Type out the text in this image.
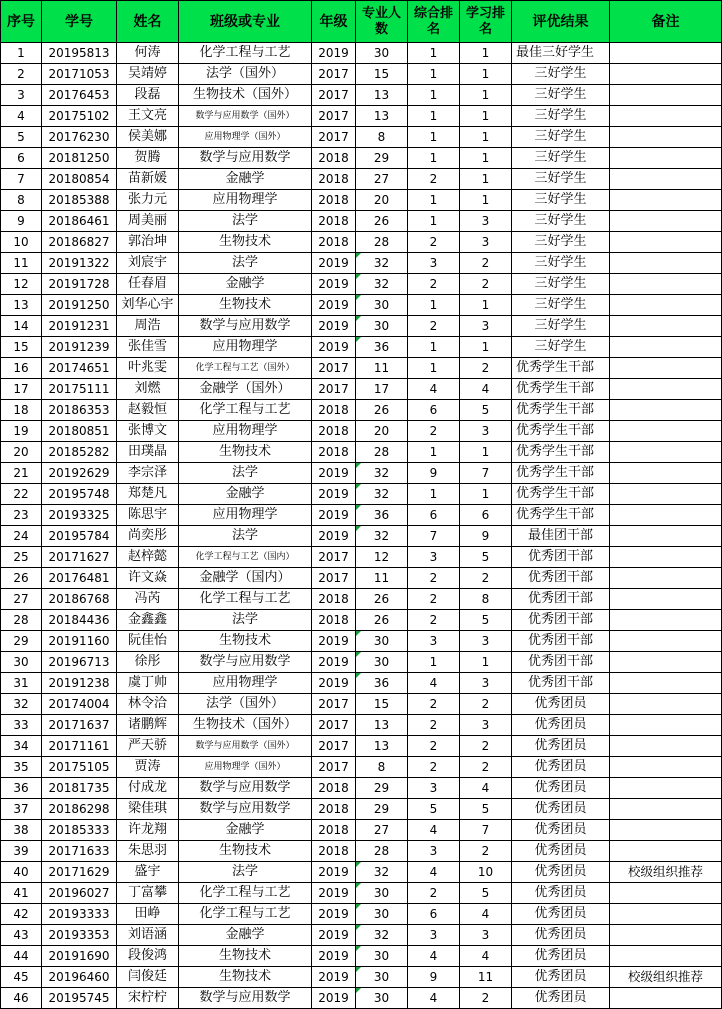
序号	学号	姓名	班级或专业	年级	专业人数	综合排名	学习排名	评优结果	备注
1	20195813	何涛	化学工程与工艺	2019	30	1	1	最佳三好学生	
2	20171053	吴靖婷	法学（国外）	2017	15	1	1	三好学生	
3	20176453	段磊	生物技术（国外）	2017	13	1	1	三好学生	
4	20175102	王文亮	数学与应用数学（国外）	2017	13	1	1	三好学生	
5	20176230	侯美娜	应用物理学（国外）	2017	8	1	1	三好学生	
6	20181250	贺腾	数学与应用数学	2018	29	1	1	三好学生	
7	20180854	苗新媛	金融学	2018	27	2	1	三好学生	
8	20185388	张力元	应用物理学	2018	20	1	1	三好学生	
9	20186461	周美丽	法学	2018	26	1	3	三好学生	
10	20186827	郭治坤	生物技术	2018	28	2	3	三好学生	
11	20191322	刘宸宇	法学	2019	32	3	2	三好学生	
12	20191728	任春眉	金融学	2019	32	2	2	三好学生	
13	20191250	刘华心宇	生物技术	2019	30	1	1	三好学生	
14	20191231	周浩	数学与应用数学	2019	30	2	3	三好学生	
15	20191239	张佳雪	应用物理学	2019	36	1	1	三好学生	
16	20174651	叶兆雯	化学工程与工艺（国外）	2017	11	1	2	优秀学生干部	
17	20175111	刘燃	金融学（国外）	2017	17	4	4	优秀学生干部	
18	20186353	赵毅恒	化学工程与工艺	2018	26	6	5	优秀学生干部	
19	20180851	张博文	应用物理学	2018	20	2	3	优秀学生干部	
20	20185282	田璞晶	生物技术	2018	28	1	1	优秀学生干部	
21	20192629	李宗泽	法学	2019	32	9	7	优秀学生干部	
22	20195748	郑楚凡	金融学	2019	32	1	1	优秀学生干部	
23	20193325	陈思宇	应用物理学	2019	36	6	6	优秀学生干部	
24	20195784	尚奕彤	法学	2019	32	7	9	最佳团干部	
25	20171627	赵梓懿	化学工程与工艺（国内）	2017	12	3	5	优秀团干部	
26	20176481	许文焱	金融学（国内）	2017	11	2	2	优秀团干部	
27	20186768	冯芮	化学工程与工艺	2018	26	2	8	优秀团干部	
28	20184436	金鑫鑫	法学	2018	26	2	5	优秀团干部	
29	20191160	阮佳怡	生物技术	2019	30	3	3	优秀团干部	
30	20196713	徐彤	数学与应用数学	2019	30	1	1	优秀团干部	
31	20191238	虞丁帅	应用物理学	2019	36	4	3	优秀团干部	
32	20174004	林令洽	法学（国外）	2017	15	2	2	优秀团员	
33	20171637	诸鹏辉	生物技术（国外）	2017	13	2	3	优秀团员	
34	20171161	严天骄	数学与应用数学（国外）	2017	13	2	2	优秀团员	
35	20175105	贾涛	应用物理学（国外）	2017	8	2	2	优秀团员	
36	20181735	付成龙	数学与应用数学	2018	29	3	4	优秀团员	
37	20186298	梁佳琪	数学与应用数学	2018	29	5	5	优秀团员	
38	20185333	许龙翔	金融学	2018	27	4	7	优秀团员	
39	20171633	朱思羽	生物技术	2018	28	3	2	优秀团员	
40	20171629	盛宇	法学	2019	32	4	10	优秀团员	校级组织推荐
41	20196027	丁富攀	化学工程与工艺	2019	30	2	5	优秀团员	
42	20193333	田峥	化学工程与工艺	2019	30	6	4	优秀团员	
43	20193353	刘语涵	金融学	2019	32	3	3	优秀团员	
44	20191690	段俊鸿	生物技术	2019	30	4	4	优秀团员	
45	20196460	闫俊廷	生物技术	2019	30	9	11	优秀团员	校级组织推荐
46	20195745	宋柠柠	数学与应用数学	2019	30	4	2	优秀团员	
